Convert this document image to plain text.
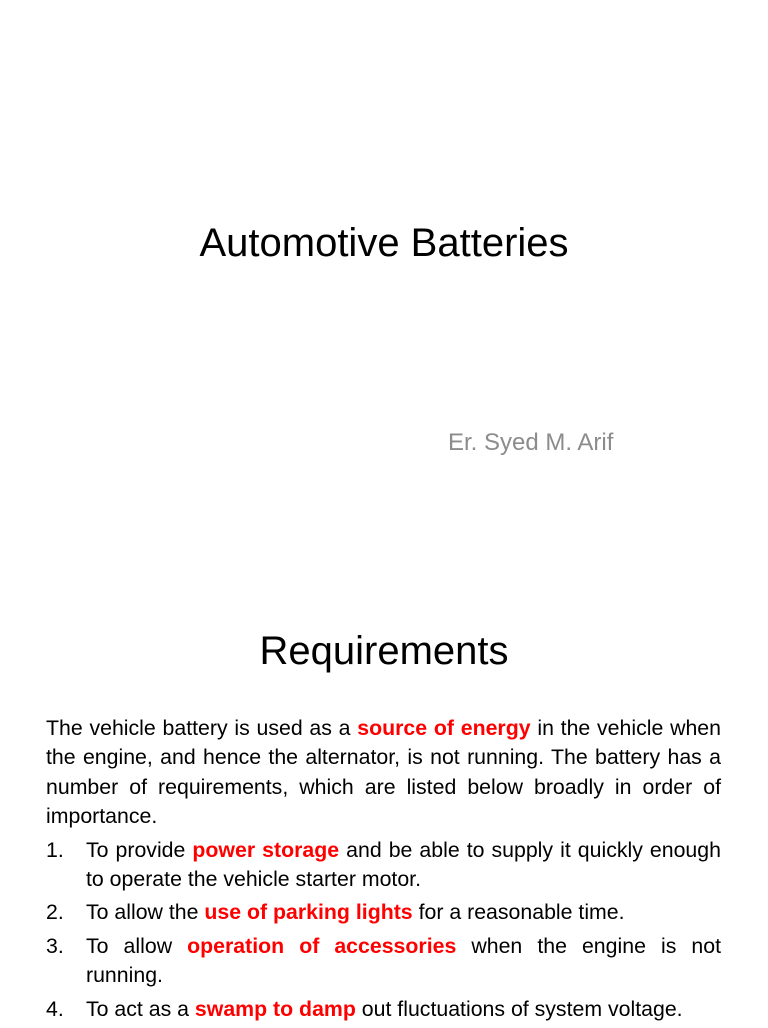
Automotive Batteries

Er. Syed M. Arif

Requirements

The vehicle battery is used as a source of energy in the vehicle when the engine, and hence the alternator, is not running. The battery has a number of requirements, which are listed below broadly in order of importance.

1. To provide power storage and be able to supply it quickly enough to operate the vehicle starter motor.
2. To allow the use of parking lights for a reasonable time.
3. To allow operation of accessories when the engine is not running.
4. To act as a swamp to damp out fluctuations of system voltage.
